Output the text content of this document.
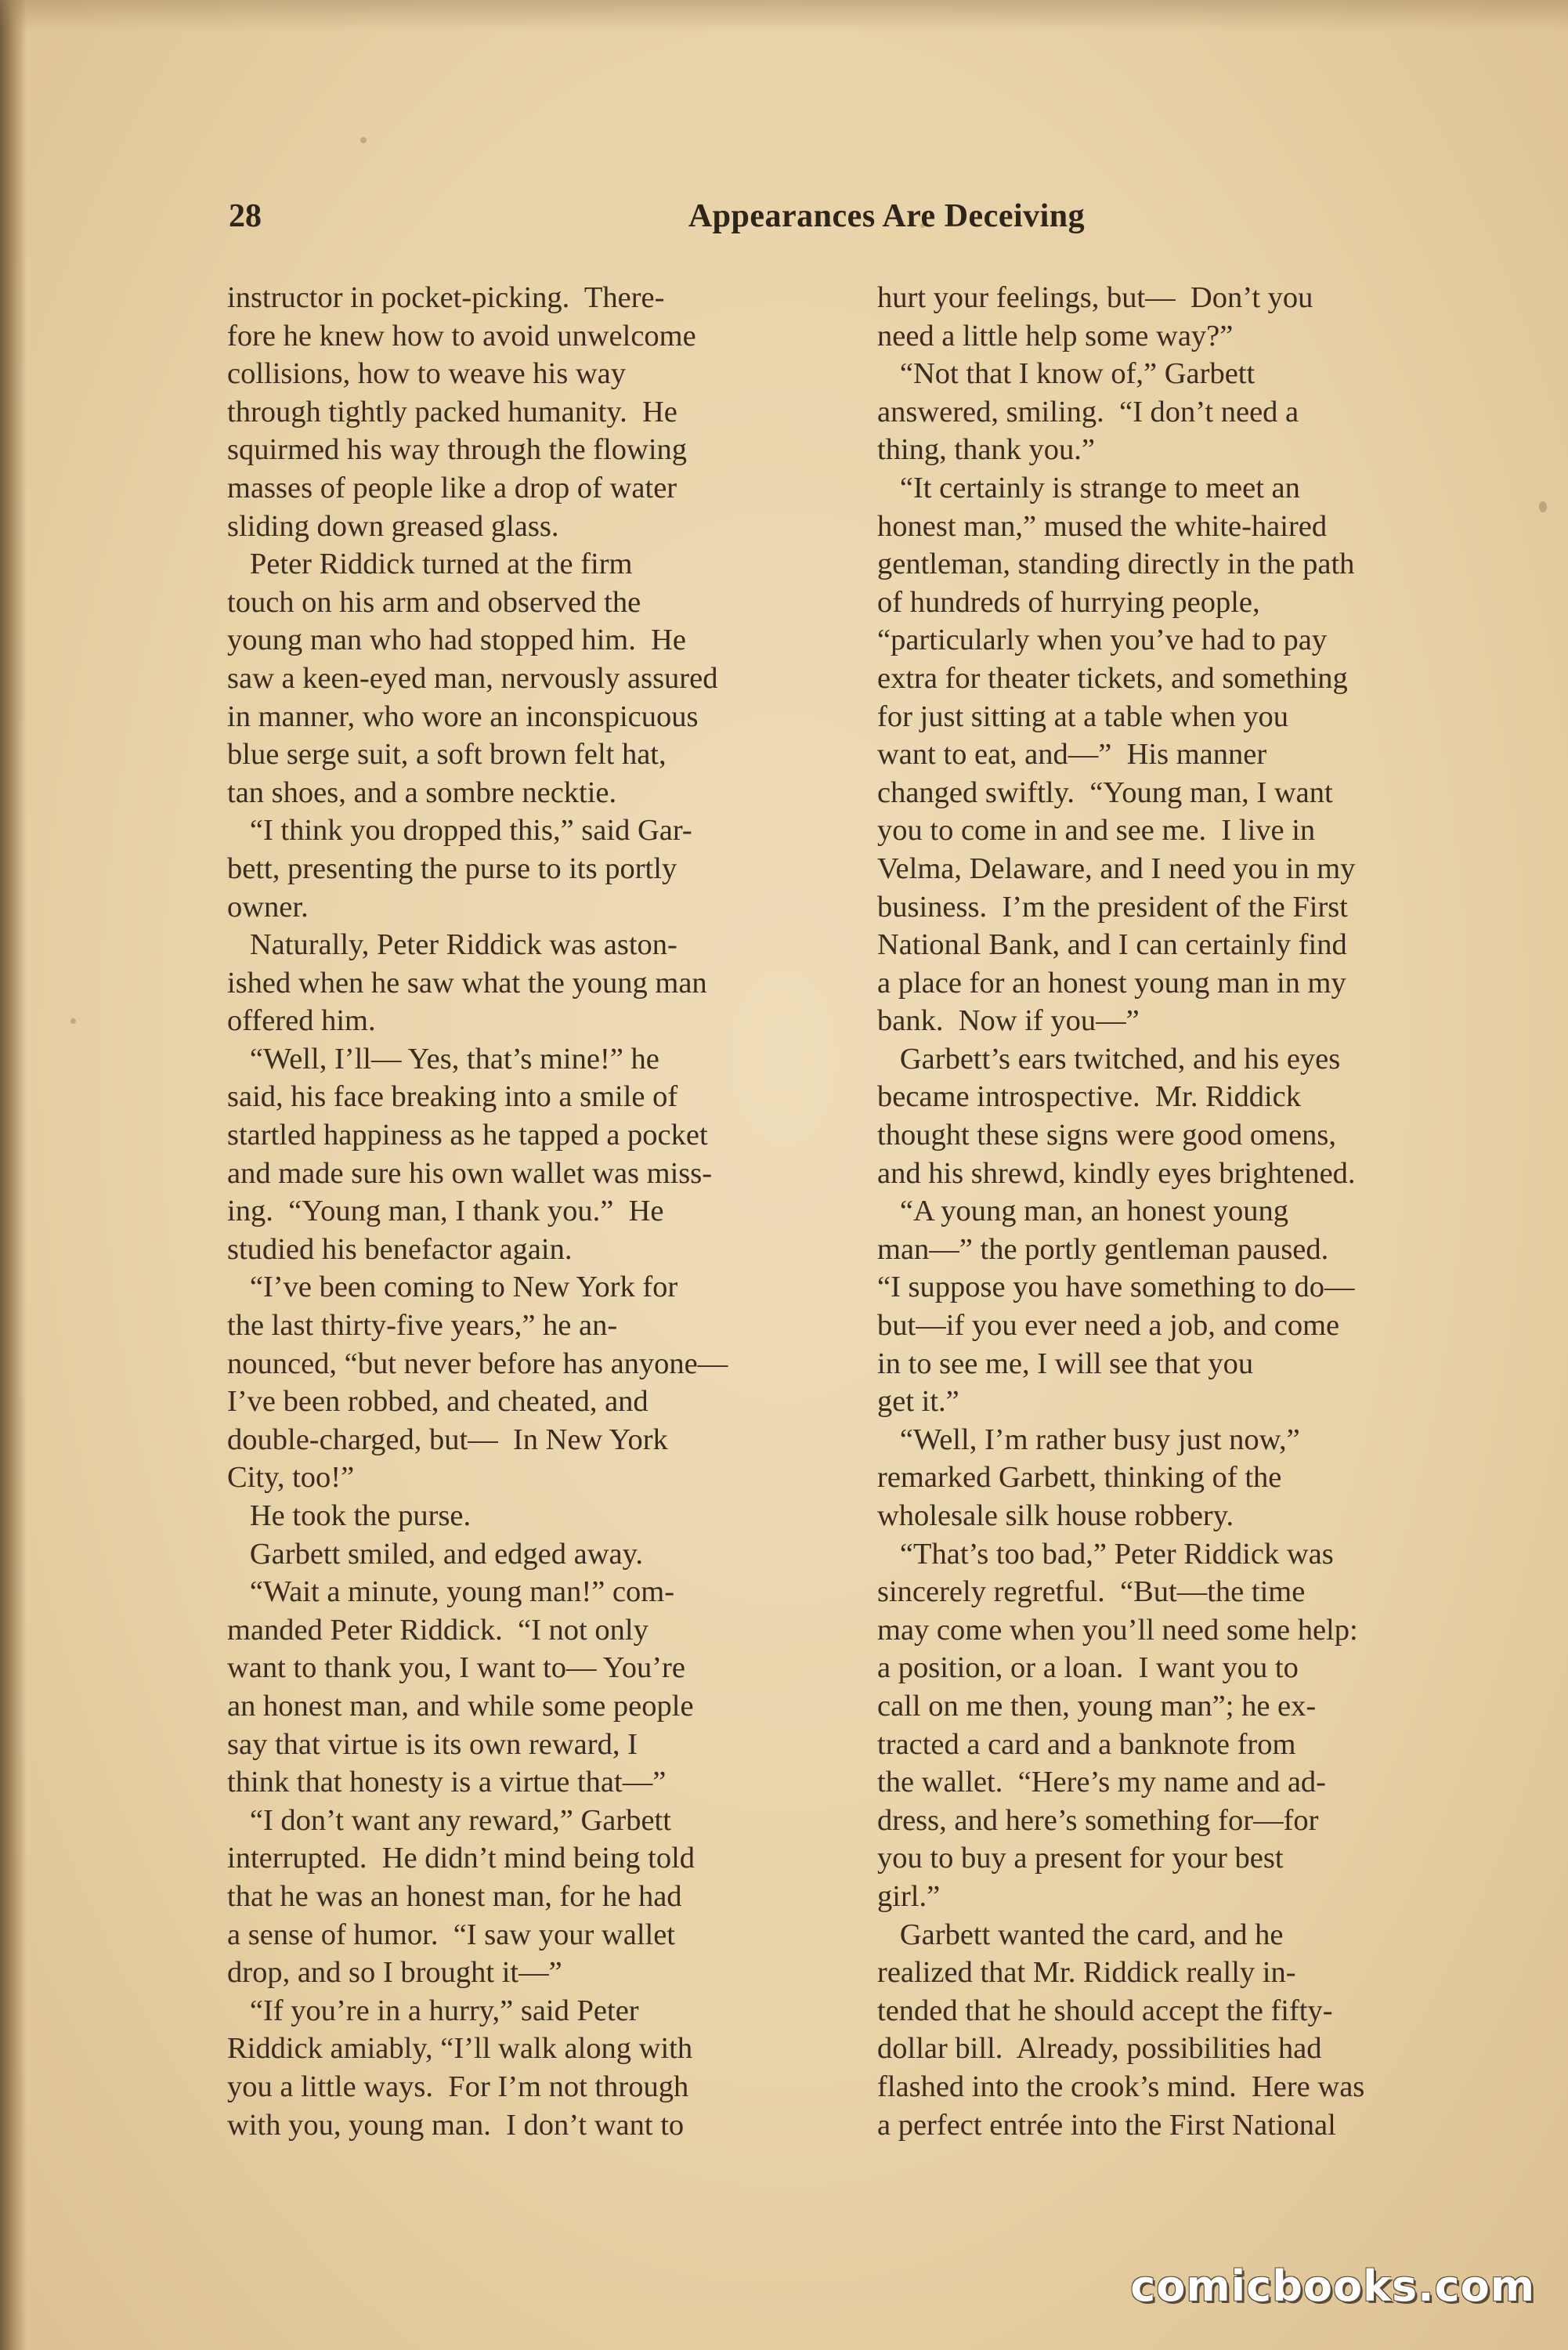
28	Appearances Are Deceiving
instructor in pocket-picking.  There-
fore he knew how to avoid unwelcome
collisions, how to weave his way
through tightly packed humanity.  He
squirmed his way through the flowing
masses of people like a drop of water
sliding down greased glass.
Peter Riddick turned at the firm
touch on his arm and observed the
young man who had stopped him.  He
saw a keen-eyed man, nervously assured
in manner, who wore an inconspicuous
blue serge suit, a soft brown felt hat,
tan shoes, and a sombre necktie.
“I think you dropped this,” said Gar-
bett, presenting the purse to its portly
owner.
Naturally, Peter Riddick was aston-
ished when he saw what the young man
offered him.
“Well, I’ll— Yes, that’s mine!” he
said, his face breaking into a smile of
startled happiness as he tapped a pocket
and made sure his own wallet was miss-
ing.  “Young man, I thank you.”  He
studied his benefactor again.
“I’ve been coming to New York for
the last thirty-five years,” he an-
nounced, “but never before has anyone—
I’ve been robbed, and cheated, and
double-charged, but—  In New York
City, too!”
He took the purse.
Garbett smiled, and edged away.
“Wait a minute, young man!” com-
manded Peter Riddick.  “I not only
want to thank you, I want to— You’re
an honest man, and while some people
say that virtue is its own reward, I
think that honesty is a virtue that—”
“I don’t want any reward,” Garbett
interrupted.  He didn’t mind being told
that he was an honest man, for he had
a sense of humor.  “I saw your wallet
drop, and so I brought it—”
“If you’re in a hurry,” said Peter
Riddick amiably, “I’ll walk along with
you a little ways.  For I’m not through
with you, young man.  I don’t want to
hurt your feelings, but—  Don’t you
need a little help some way?”
“Not that I know of,” Garbett
answered, smiling.  “I don’t need a
thing, thank you.”
“It certainly is strange to meet an
honest man,” mused the white-haired
gentleman, standing directly in the path
of hundreds of hurrying people,
“particularly when you’ve had to pay
extra for theater tickets, and something
for just sitting at a table when you
want to eat, and—”  His manner
changed swiftly.  “Young man, I want
you to come in and see me.  I live in
Velma, Delaware, and I need you in my
business.  I’m the president of the First
National Bank, and I can certainly find
a place for an honest young man in my
bank.  Now if you—”
Garbett’s ears twitched, and his eyes
became introspective.  Mr. Riddick
thought these signs were good omens,
and his shrewd, kindly eyes brightened.
“A young man, an honest young
man—” the portly gentleman paused.
“I suppose you have something to do—
but—if you ever need a job, and come
in to see me, I will see that you
get it.”
“Well, I’m rather busy just now,”
remarked Garbett, thinking of the
wholesale silk house robbery.
“That’s too bad,” Peter Riddick was
sincerely regretful.  “But—the time
may come when you’ll need some help:
a position, or a loan.  I want you to
call on me then, young man”; he ex-
tracted a card and a banknote from
the wallet.  “Here’s my name and ad-
dress, and here’s something for—for
you to buy a present for your best
girl.”
Garbett wanted the card, and he
realized that Mr. Riddick really in-
tended that he should accept the fifty-
dollar bill.  Already, possibilities had
flashed into the crook’s mind.  Here was
a perfect entrée into the First National
comicbooks.com
